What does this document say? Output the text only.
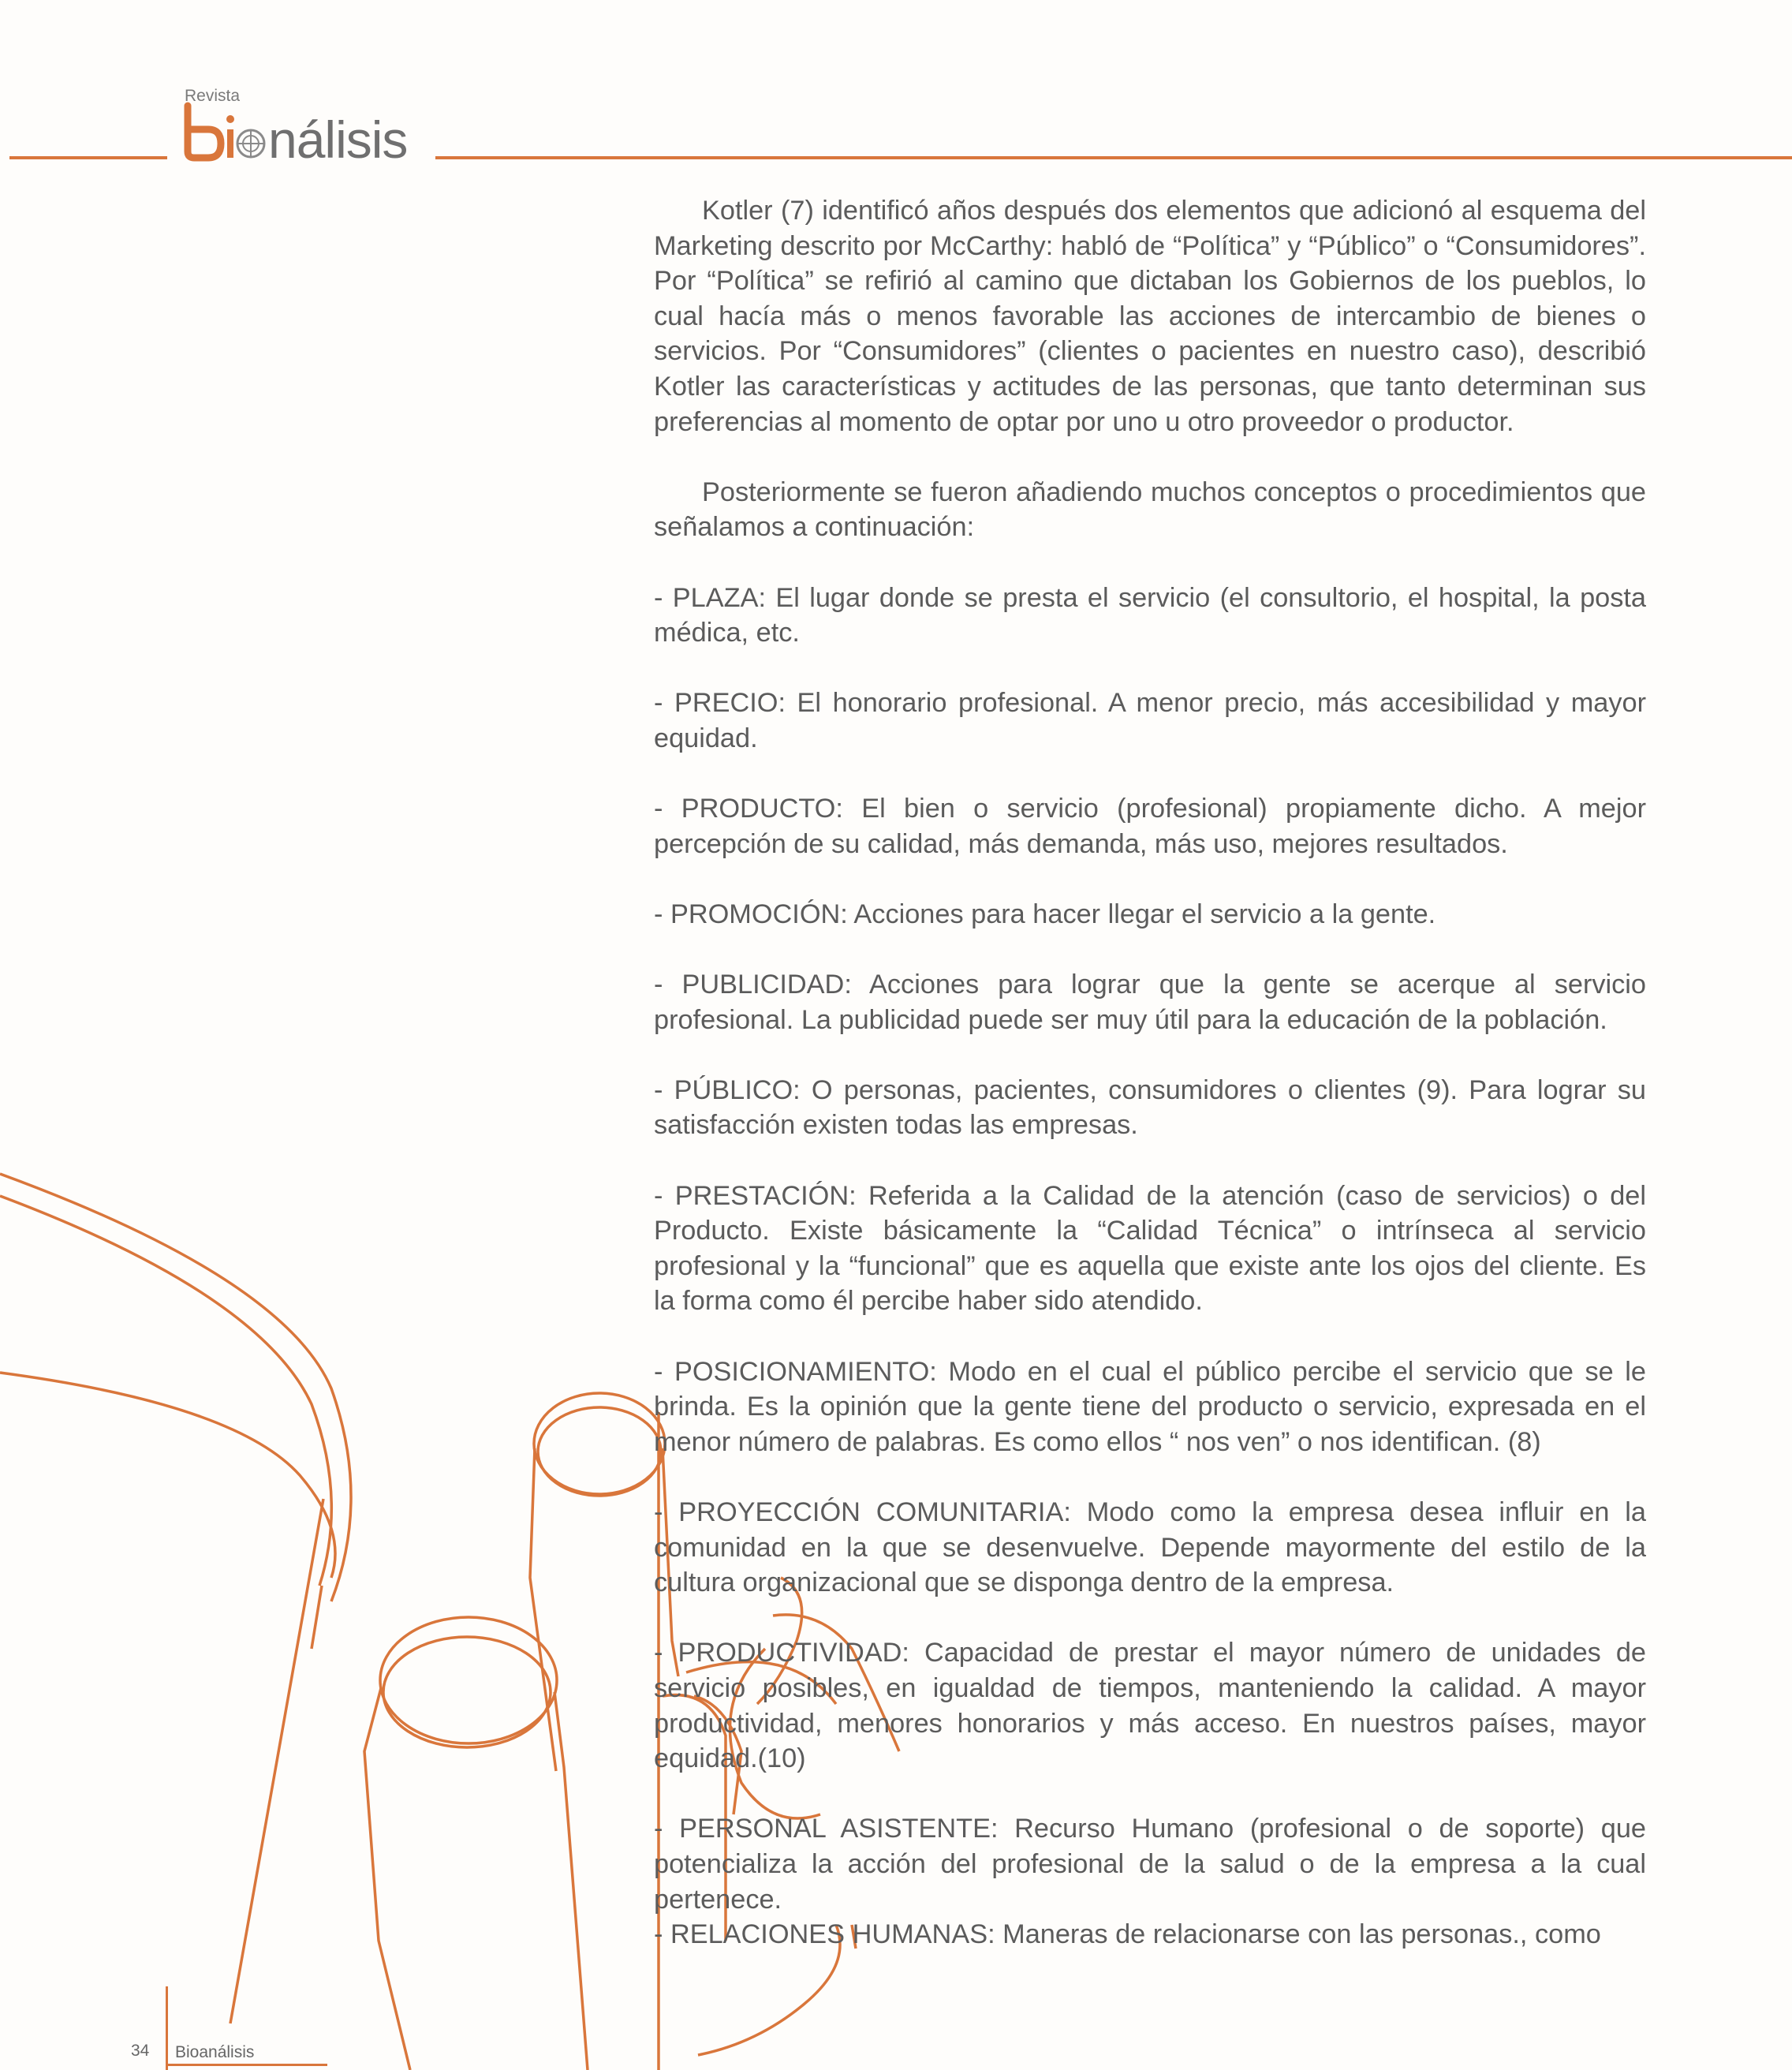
Revista
nálisis

Kotler (7) identificó años después dos elementos que adicionó al esquema del Marketing descrito por McCarthy: habló de “Política” y “Público” o “Consumidores”. Por “Política” se refirió al camino que dictaban los Gobiernos de los pueblos, lo cual hacía más o menos favorable las acciones de intercambio de bienes o servicios. Por “Consumidores” (clientes o pacientes en nuestro caso), describió Kotler las características y actitudes de las personas, que tanto determinan sus preferencias al momento de optar por uno u otro proveedor o productor.

Posteriormente se fueron añadiendo muchos conceptos o procedimientos que señalamos a continuación:

- PLAZA: El lugar donde se presta el servicio (el consultorio, el hospital, la posta médica, etc.

- PRECIO: El honorario profesional. A menor precio, más accesibilidad y mayor equidad.

- PRODUCTO: El bien o servicio (profesional) propiamente dicho. A mejor percepción de su calidad, más demanda, más uso, mejores resultados.

- PROMOCIÓN: Acciones para hacer llegar el servicio a la gente.

- PUBLICIDAD: Acciones para lograr que la gente se acerque al servicio profesional. La publicidad puede ser muy útil para la educación de la población.

- PÚBLICO: O personas, pacientes, consumidores o clientes (9). Para lograr su satisfacción existen todas las empresas.

- PRESTACIÓN: Referida a la Calidad de la atención (caso de servicios) o del Producto. Existe básicamente la “Calidad Técnica” o intrínseca al servicio profesional y la “funcional” que es aquella que existe ante los ojos del cliente. Es la forma como él percibe haber sido atendido.

- POSICIONAMIENTO: Modo en el cual el público percibe el servicio que se le brinda. Es la opinión que la gente tiene del producto o servicio, expresada en el menor número de palabras. Es como ellos “ nos ven” o nos identifican. (8)

- PROYECCIÓN COMUNITARIA: Modo como la empresa desea influir en la comunidad en la que se desenvuelve. Depende mayormente del estilo de la cultura organizacional que se disponga dentro de la empresa.

- PRODUCTIVIDAD: Capacidad de prestar el mayor número de unidades de servicio posibles, en igualdad de tiempos, manteniendo la calidad. A mayor productividad, menores honorarios y más acceso. En nuestros países, mayor equidad.(10)

- PERSONAL ASISTENTE: Recurso Humano (profesional o de soporte) que potencializa la acción del profesional de la salud o de la empresa a la cual pertenece.

- RELACIONES HUMANAS: Maneras de relacionarse con las personas., como

34 Bioanálisis
